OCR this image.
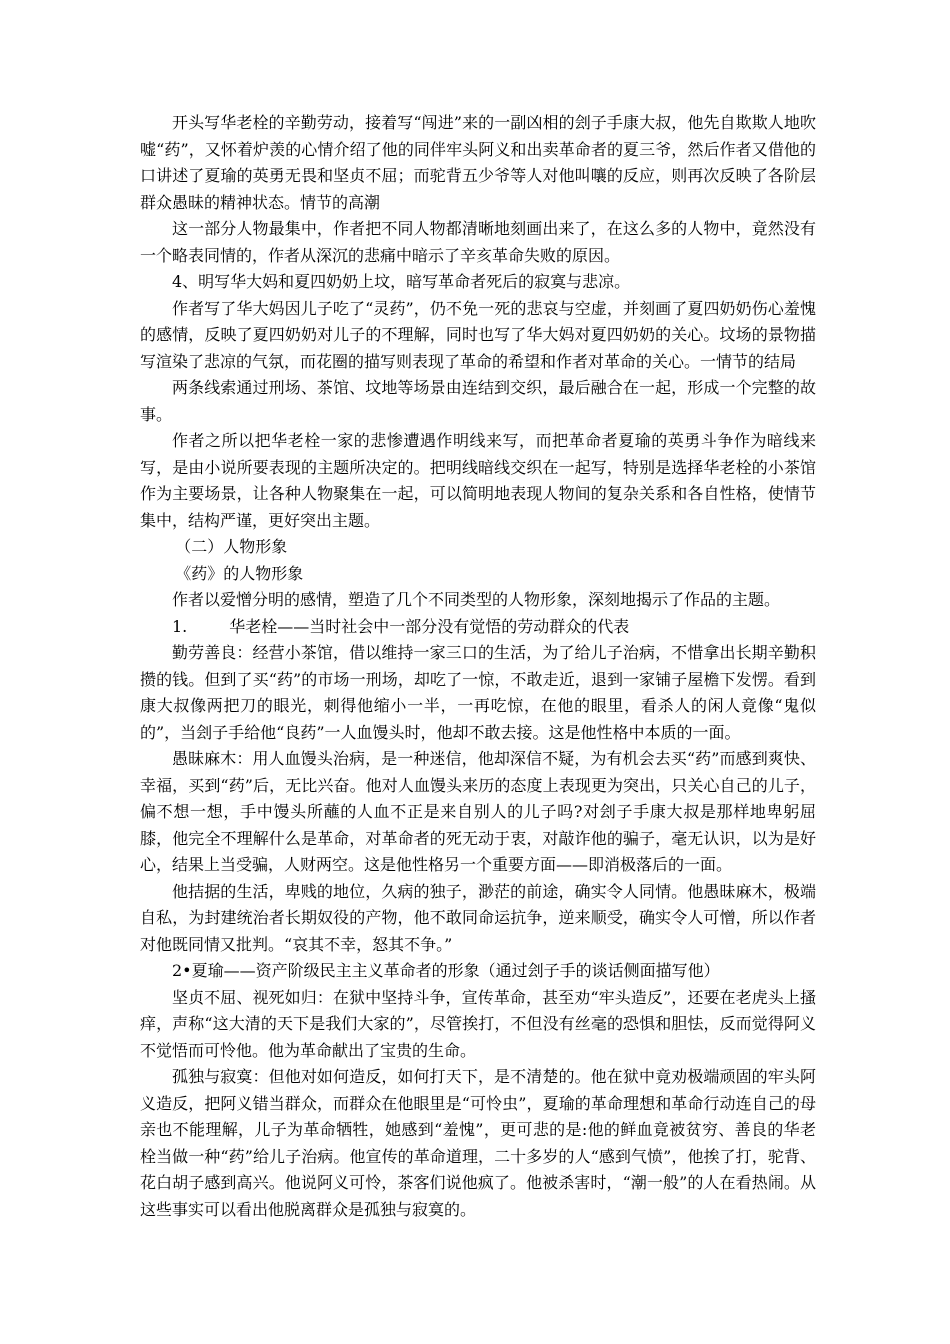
开头写华老栓的辛勤劳动，接着写“闯进”来的一副凶相的刽子手康大叔，他先自欺欺人地吹嘘“药”，又怀着炉羡的心情介绍了他的同伴牢头阿义和出卖革命者的夏三爷，然后作者又借他的口讲述了夏瑜的英勇无畏和坚贞不屈；而驼背五少爷等人对他叫嚷的反应，则再次反映了各阶层群众愚昧的精神状态。情节的高潮

这一部分人物最集中，作者把不同人物都清晰地刻画出来了，在这么多的人物中，竟然没有一个略表同情的，作者从深沉的悲痛中暗示了辛亥革命失败的原因。

4、明写华大妈和夏四奶奶上坟，暗写革命者死后的寂寞与悲凉。

作者写了华大妈因儿子吃了“灵药”，仍不免一死的悲哀与空虚，并刻画了夏四奶奶伤心羞愧的感情，反映了夏四奶奶对儿子的不理解，同时也写了华大妈对夏四奶奶的关心。坟场的景物描写渲染了悲凉的气氛，而花圈的描写则表现了革命的希望和作者对革命的关心。一情节的结局

两条线索通过刑场、茶馆、坟地等场景由连结到交织，最后融合在一起，形成一个完整的故事。

作者之所以把华老栓一家的悲惨遭遇作明线来写，而把革命者夏瑜的英勇斗争作为暗线来写，是由小说所要表现的主题所决定的。把明线暗线交织在一起写，特别是选择华老栓的小茶馆作为主要场景，让各种人物聚集在一起，可以简明地表现人物间的复杂关系和各自性格，使情节集中，结构严谨，更好突出主题。

（二）人物形象

《药》的人物形象

作者以爱憎分明的感情，塑造了几个不同类型的人物形象，深刻地揭示了作品的主题。

1.	华老栓——当时社会中一部分没有觉悟的劳动群众的代表

勤劳善良：经营小茶馆，借以维持一家三口的生活，为了给儿子治病，不惜拿出长期辛勤积攒的钱。但到了买“药”的市场一刑场，却吃了一惊，不敢走近，退到一家铺子屋檐下发愣。看到康大叔像两把刀的眼光，刺得他缩小一半，一再吃惊，在他的眼里，看杀人的闲人竟像“鬼似的”，当刽子手给他“良药”一人血馒头时，他却不敢去接。这是他性格中本质的一面。

愚昧麻木：用人血馒头治病，是一种迷信，他却深信不疑，为有机会去买“药”而感到爽快、幸福，买到“药”后，无比兴奋。他对人血馒头来历的态度上表现更为突出，只关心自己的儿子，偏不想一想，手中馒头所蘸的人血不正是来自别人的儿子吗?对刽子手康大叔是那样地卑躬屈膝，他完全不理解什么是革命，对革命者的死无动于衷，对敲诈他的骗子，毫无认识，以为是好心，结果上当受骗，人财两空。这是他性格另一个重要方面——即消极落后的一面。

他拮据的生活，卑贱的地位，久病的独子，渺茫的前途，确实令人同情。他愚昧麻木，极端自私，为封建统治者长期奴役的产物，他不敢同命运抗争，逆来顺受，确实令人可憎，所以作者对他既同情又批判。“哀其不幸，怒其不争。”

2•夏瑜——资产阶级民主主义革命者的形象（通过刽子手的谈话侧面描写他）

坚贞不屈、视死如归：在狱中坚持斗争，宣传革命，甚至劝“牢头造反”，还要在老虎头上搔痒，声称“这大清的天下是我们大家的”，尽管挨打，不但没有丝毫的恐惧和胆怯，反而觉得阿义不觉悟而可怜他。他为革命献出了宝贵的生命。

孤独与寂寞：但他对如何造反，如何打天下，是不清楚的。他在狱中竟劝极端顽固的牢头阿义造反，把阿义错当群众，而群众在他眼里是“可怜虫”，夏瑜的革命理想和革命行动连自己的母亲也不能理解，儿子为革命牺牲，她感到“羞愧”，更可悲的是:他的鲜血竟被贫穷、善良的华老栓当做一种“药”给儿子治病。他宣传的革命道理，二十多岁的人“感到气愤”，他挨了打，驼背、花白胡子感到高兴。他说阿义可怜，茶客们说他疯了。他被杀害时，“潮一般”的人在看热闹。从这些事实可以看出他脱离群众是孤独与寂寞的。
